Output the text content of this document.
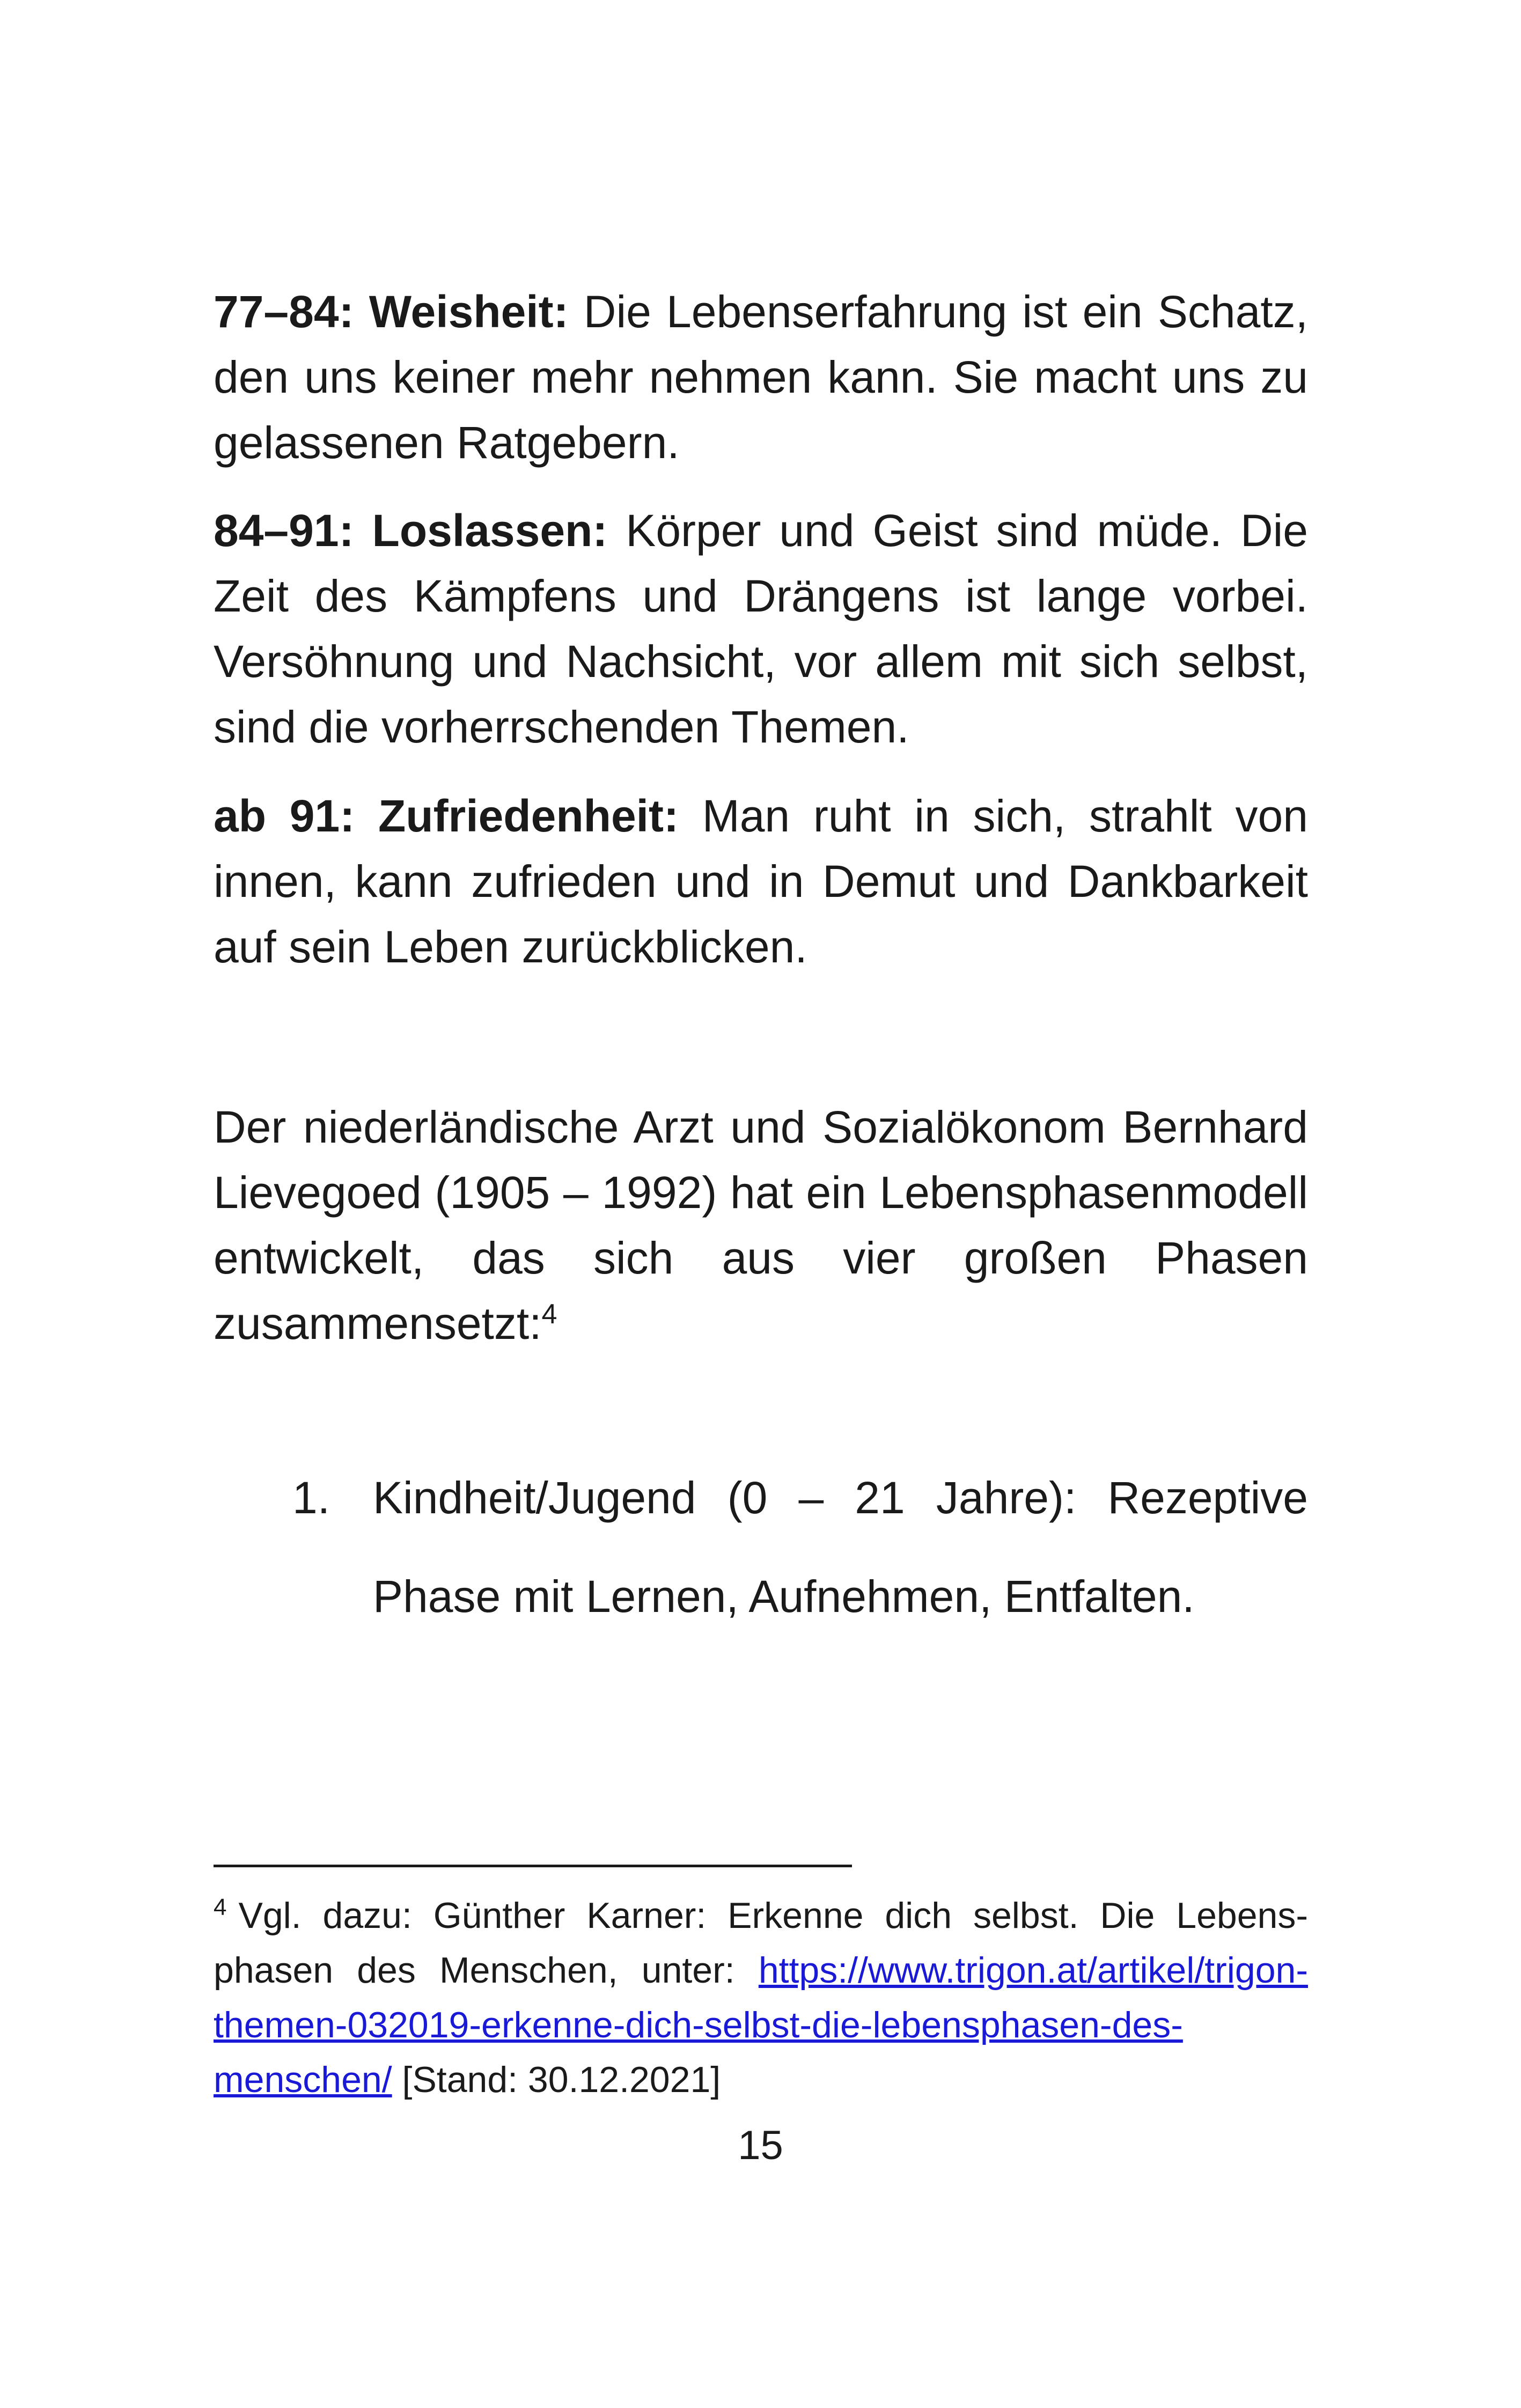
77–84: Weisheit: Die Lebenserfahrung ist ein Schatz, den uns keiner mehr nehmen kann. Sie macht uns zu gelassenen Ratgebern.

84–91: Loslassen: Körper und Geist sind müde. Die Zeit des Kämpfens und Drängens ist lange vorbei. Versöhnung und Nachsicht, vor allem mit sich selbst, sind die vorherrschenden Themen.

ab 91: Zufriedenheit: Man ruht in sich, strahlt von innen, kann zufrieden und in Demut und Dankbarkeit auf sein Leben zurückblicken.

Der niederländische Arzt und Sozialökonom Bernhard Lievegoed (1905 – 1992) hat ein Lebensphasenmodell entwickelt, das sich aus vier großen Phasen zusammensetzt:$^4$

1. Kindheit/Jugend (0 – 21 Jahre): Rezeptive Phase mit Lernen, Aufnehmen, Entfalten.

$^4$ Vgl. dazu: Günther Karner: Erkenne dich selbst. Die Lebensphasen des Menschen, unter: https://www.trigon.at/artikel/trigon-themen-032019-erkenne-dich-selbst-die-lebensphasen-des-menschen/ [Stand: 30.12.2021]

15
